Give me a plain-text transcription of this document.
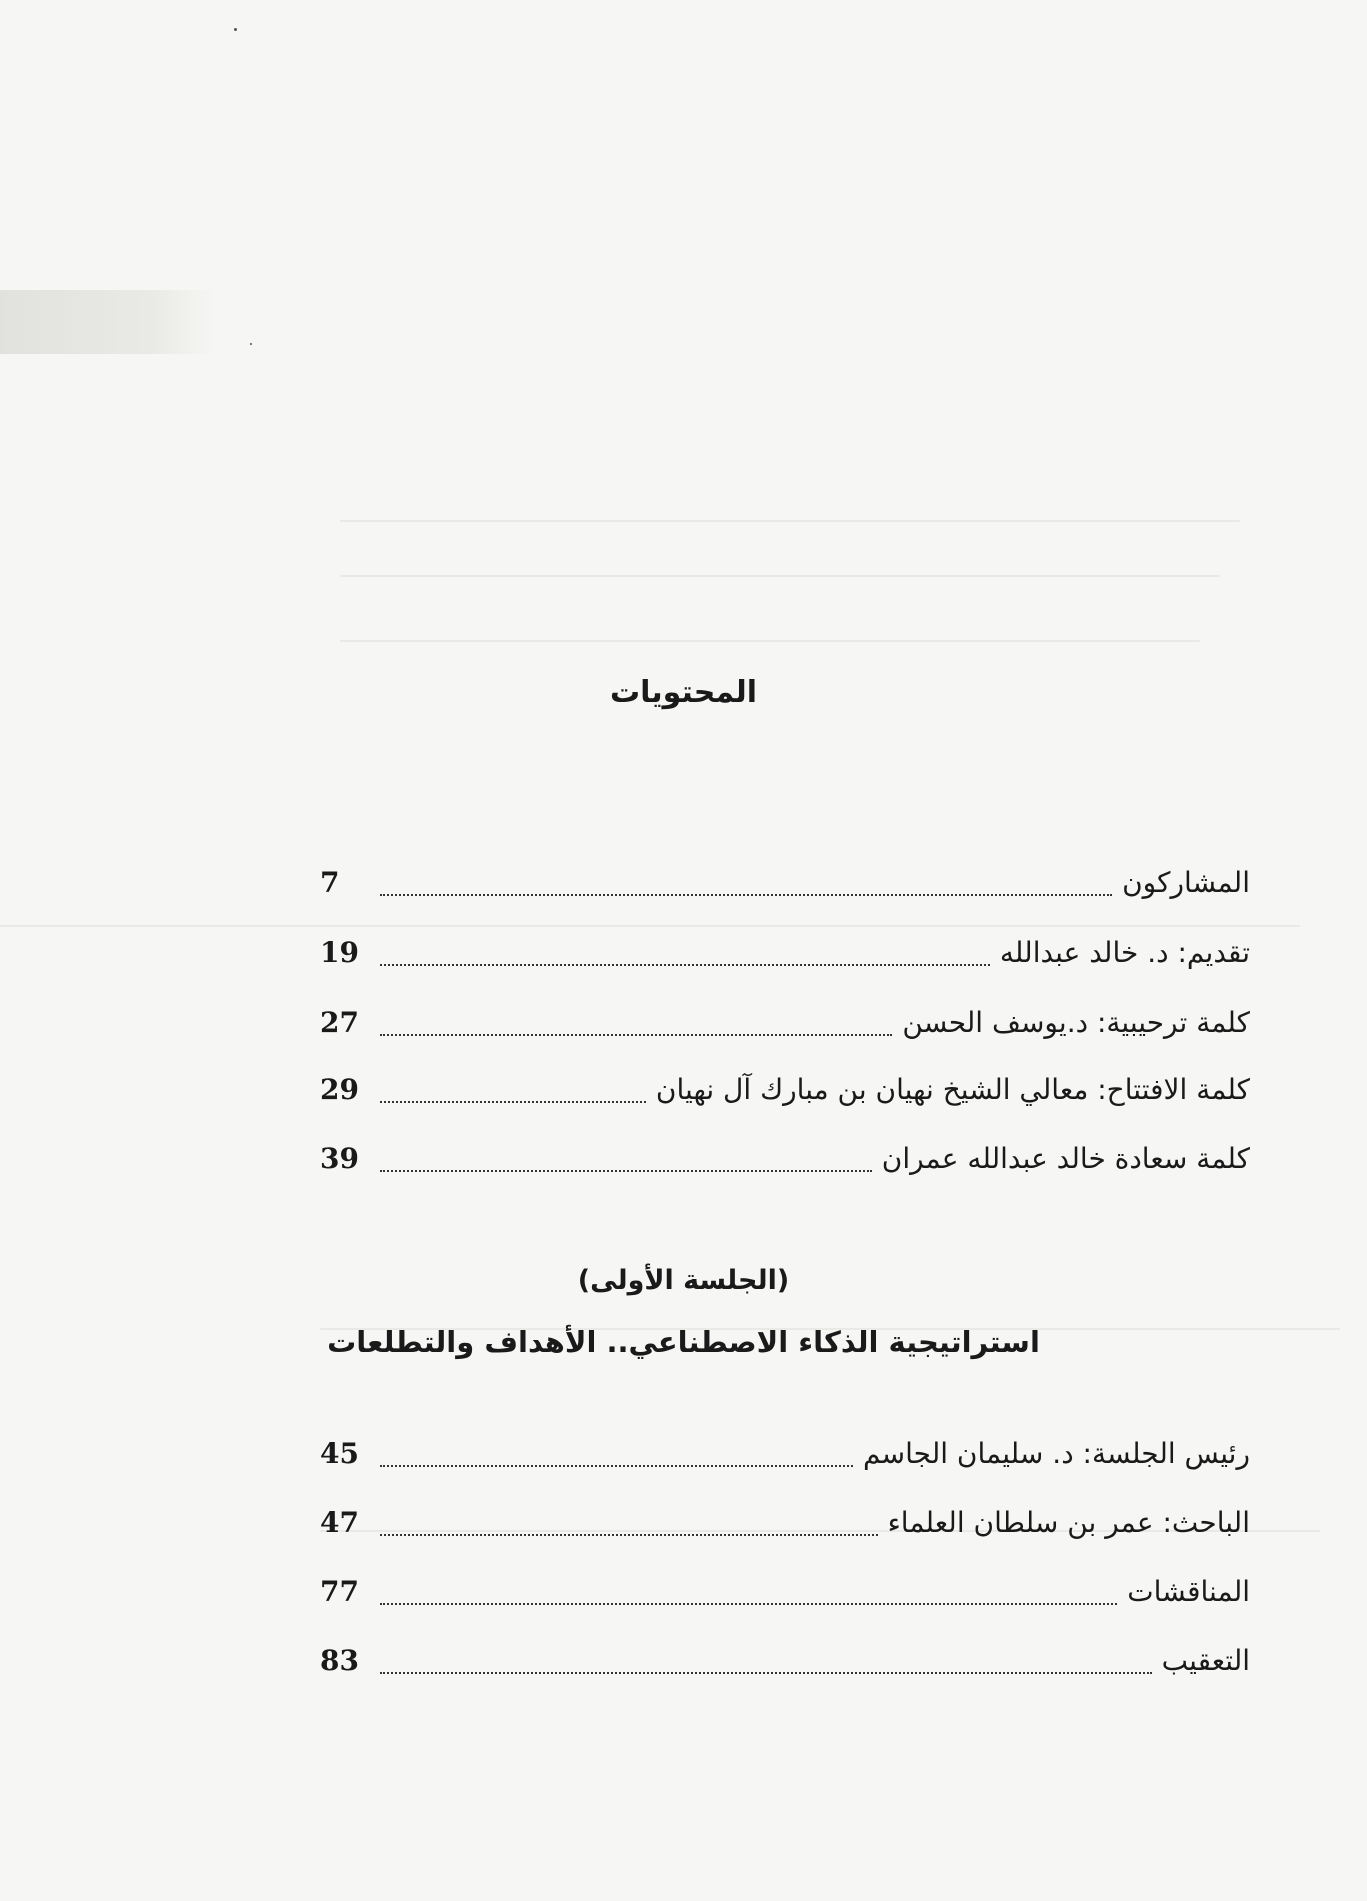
المحتويات
المشاركون
7
تقديم: د. خالد عبدالله
19
كلمة ترحيبية: د.يوسف الحسن
27
كلمة الافتتاح: معالي الشيخ نهيان بن مبارك آل نهيان
29
كلمة سعادة خالد عبدالله عمران
39
(الجلسة الأولى)
استراتيجية الذكاء الاصطناعي.. الأهداف والتطلعات
رئيس الجلسة: د. سليمان الجاسم
45
الباحث: عمر بن سلطان العلماء
47
المناقشات
77
التعقيب
83
